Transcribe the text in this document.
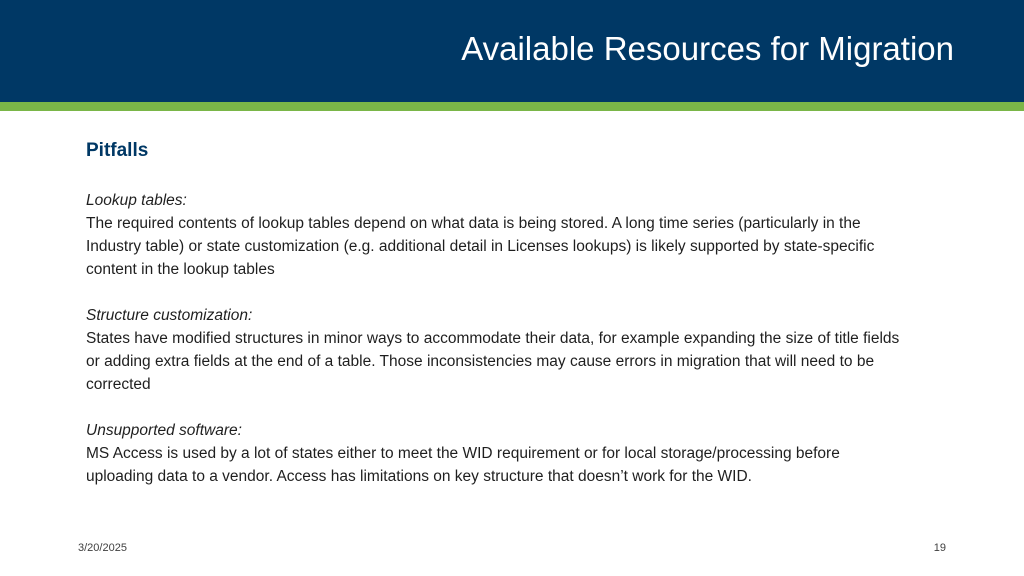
Available Resources for Migration
Pitfalls
Lookup tables:
The required contents of lookup tables depend on what data is being stored. A long time series (particularly in the Industry table) or state customization (e.g. additional detail in Licenses lookups) is likely supported by state-specific content in the lookup tables
Structure customization:
States have modified structures in minor ways to accommodate their data, for example expanding the size of title fields or adding extra fields at the end of a table. Those inconsistencies may cause errors in migration that will need to be corrected
Unsupported software:
MS Access is used by a lot of states either to meet the WID requirement or for local storage/processing before uploading data to a vendor. Access has limitations on key structure that doesn’t work for the WID.
3/20/2025	19
